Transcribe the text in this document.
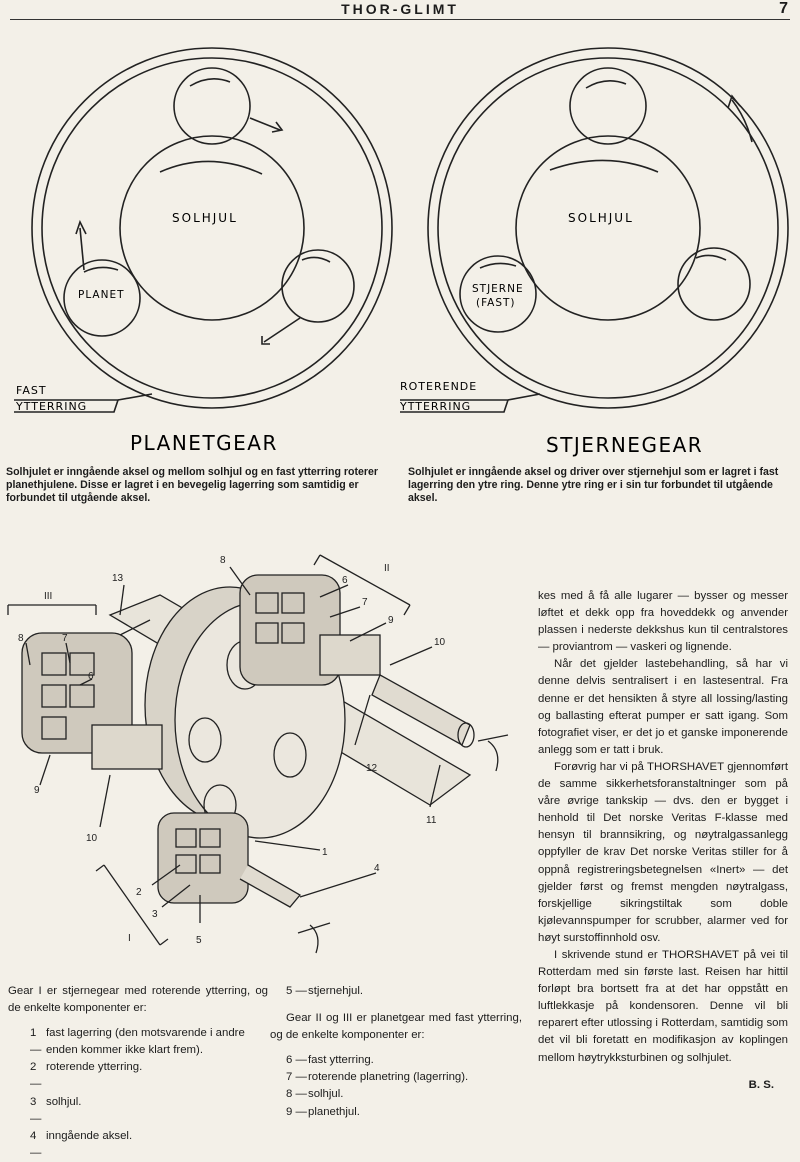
THOR-GLIMT	7
SOLHJUL
PLANET
FAST
YTTERRING
PLANETGEAR
SOLHJUL
STJERNE
(FAST)
ROTERENDE
YTTERRING
STJERNEGEAR
Solhjulet er inngående aksel og mellom solhjul og en fast ytterring roterer planethjulene. Disse er lagret i en bevegelig lagerring som samtidig er forbundet til utgående aksel.
Solhjulet er inngående aksel og driver over stjernehjul som er lagret i fast lagerring den ytre ring. Denne ytre ring er i sin tur forbundet til utgående aksel.
13
8
6
7
9
10
11
12
1
4
2
3
5
9
10
8	7
6
III
II
I

Gear I er stjernegear med roterende ytterring, og de enkelte komponenter er:

1 —
fast lagerring (den motsvarende i andre enden kommer ikke klart frem).
2 —
roterende ytterring.
3 —
solhjul.
4 —
inngående aksel.
5 — stjernehjul.

Gear II og III er planetgear med fast ytterring, og de enkelte komponenter er:

6 — fast ytterring.
7 — roterende planetring (lagerring).
8 — solhjul.
9 — planethjul.

kes med å få alle lugarer — bysser og messer løftet et dekk opp fra hoveddekk og anvender plassen i nederste dekkshus kun til centralstores — proviantrom — vaskeri og lignende.

Når det gjelder lastebehandling, så har vi denne delvis sentralisert i en lastesentral. Fra denne er det hensikten å styre all lossing/lasting og ballasting efterat pumper er satt igang. Som fotografiet viser, er det jo et ganske imponerende anlegg som er tatt i bruk.

Forøvrig har vi på THORSHAVET gjennomført de samme sikkerhetsforanstaltninger som på våre øvrige tankskip — dvs. den er bygget i henhold til Det norske Veritas F-klasse med hensyn til brannsikring, og nøytralgassanlegg oppfyller de krav Det norske Veritas stiller for å oppnå registreringsbetegnelsen «Inert» — det gjelder først og fremst mengden nøytralgass, forskjellige sikringstiltak som doble kjølevannspumper for scrubber, alarmer ved for høyt surstoffinnhold osv.

I skrivende stund er THORSHAVET på vei til Rotterdam med sin første last. Reisen har hittil forløpt bra bortsett fra at det har oppstått en luftlekkasje på kondensoren. Denne vil bli reparert efter utlossing i Rotterdam, samtidig som det vil bli foretatt en modifikasjon av koplingen mellom høytrykksturbinen og solhjulet.

B. S.
